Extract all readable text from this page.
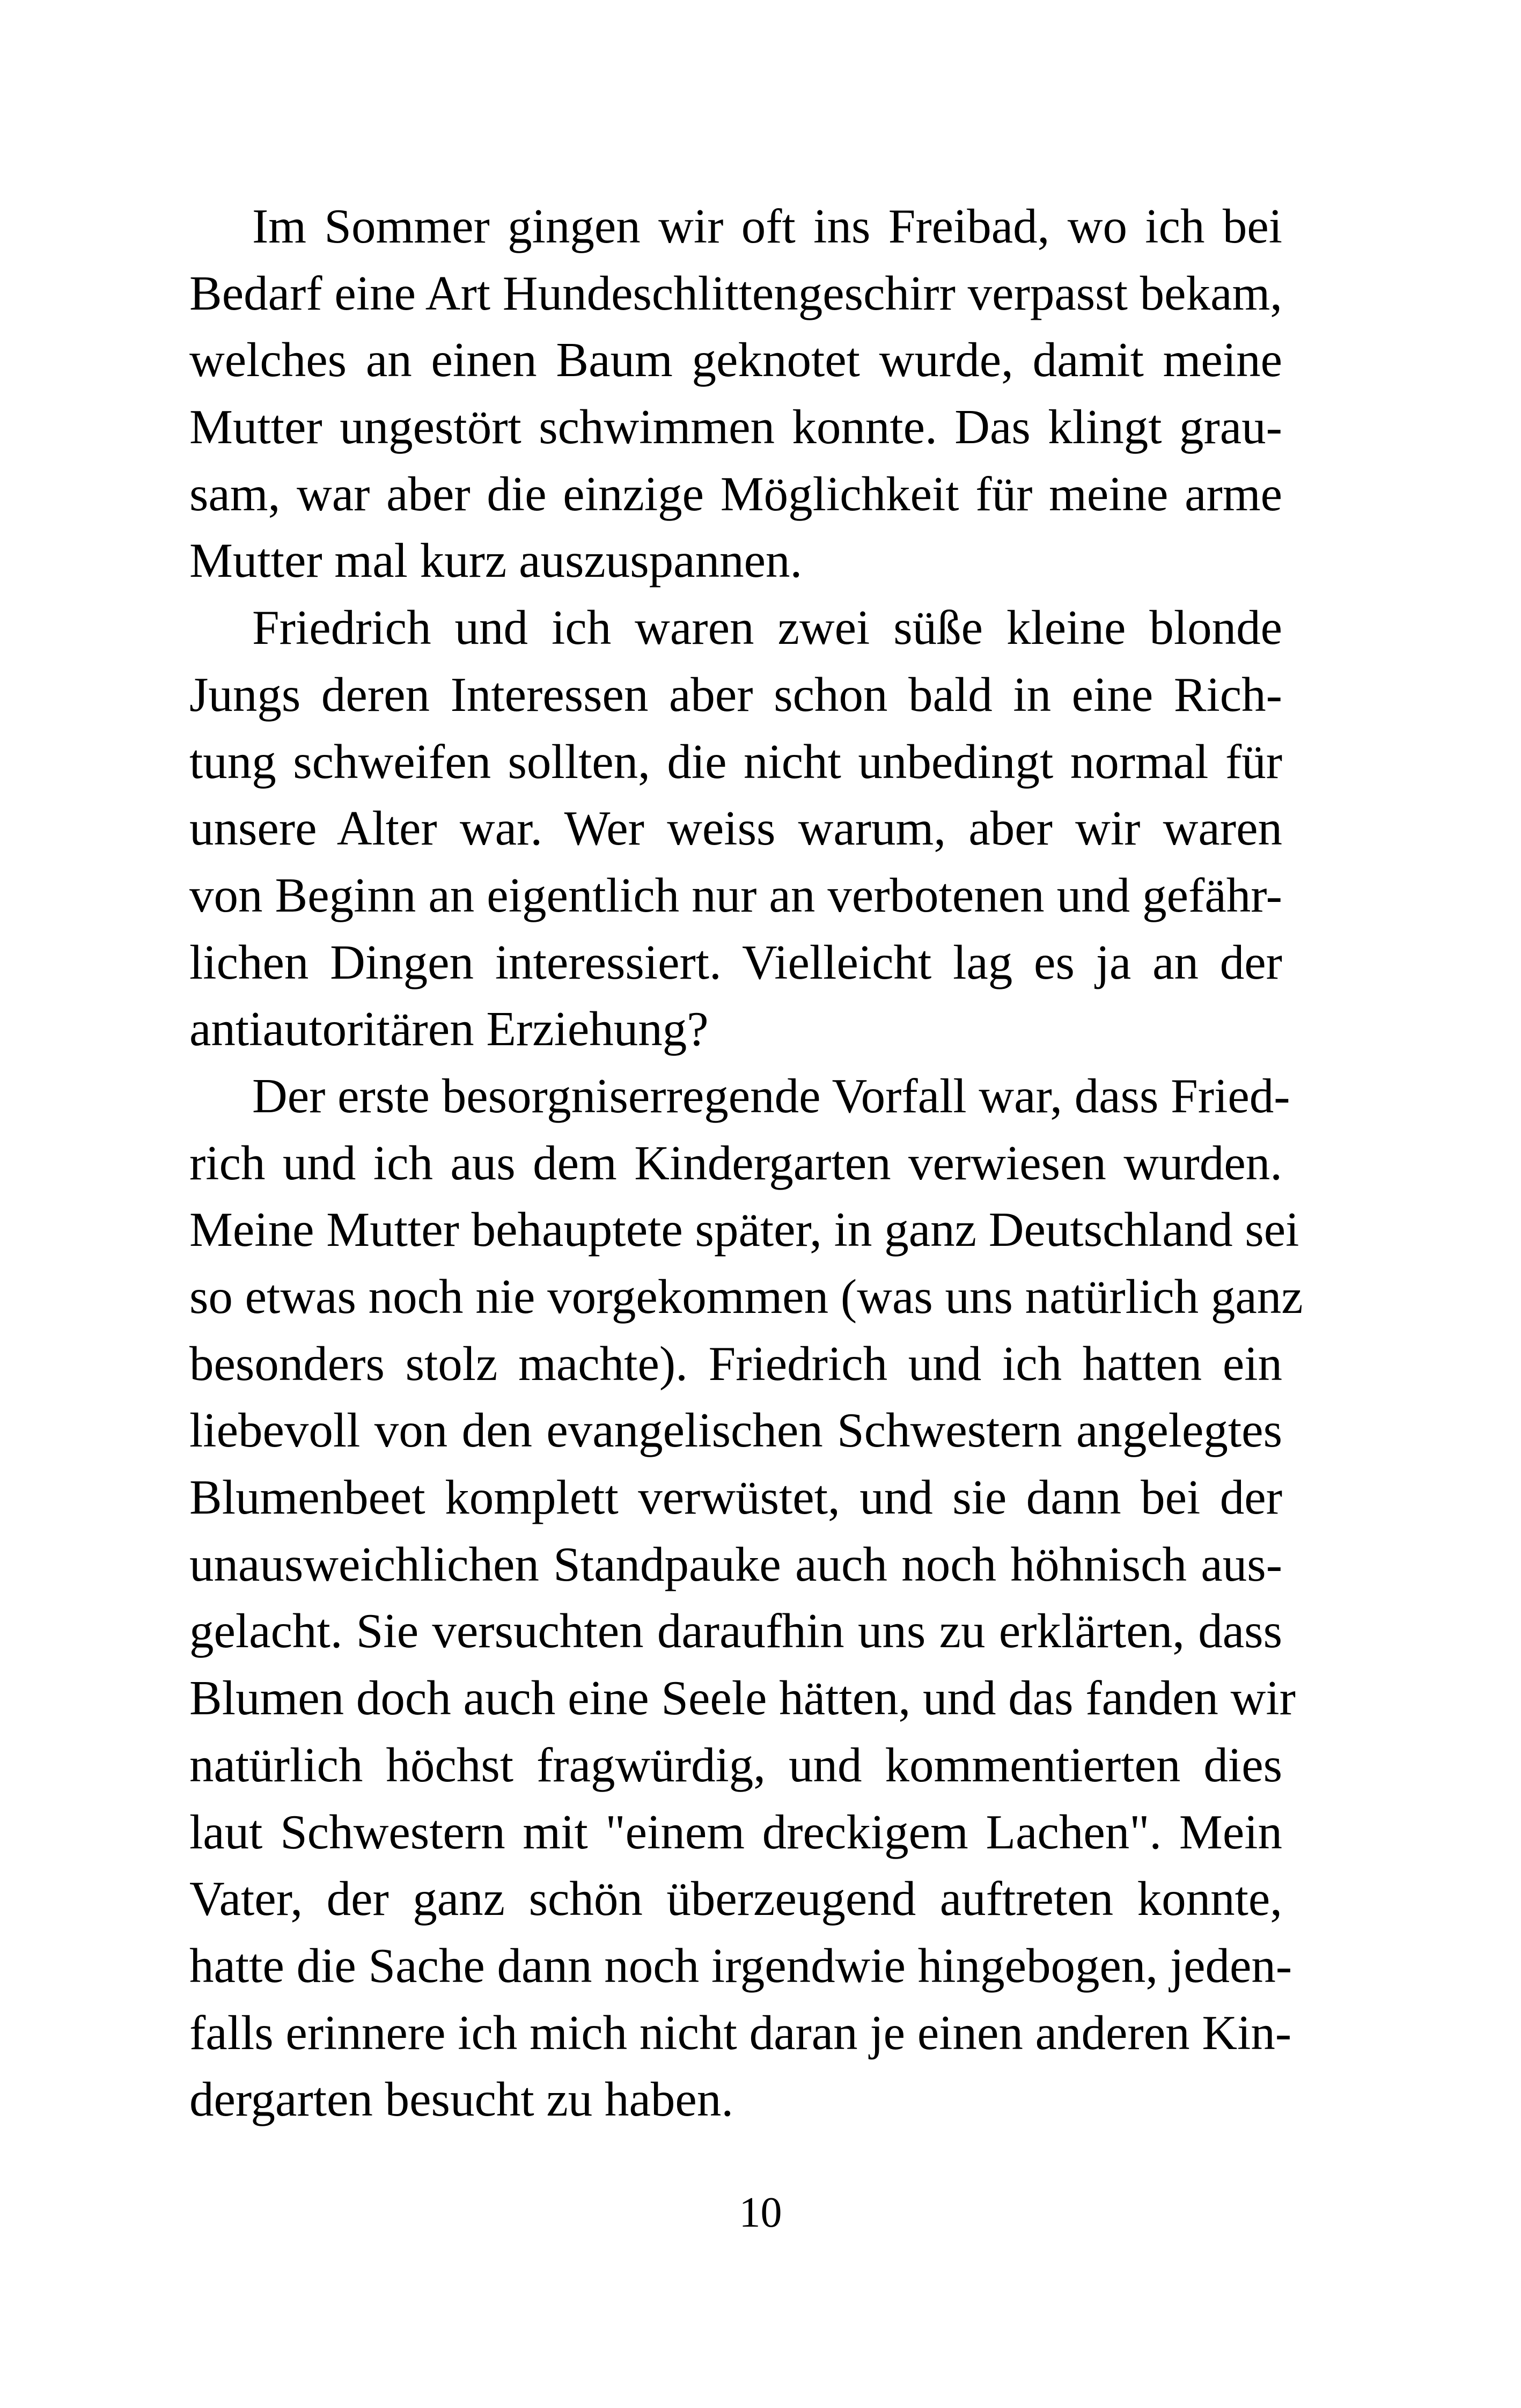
Im Sommer gingen wir oft ins Freibad, wo ich bei
Bedarf eine Art Hundeschlittengeschirr verpasst bekam,
welches an einen Baum geknotet wurde, damit meine
Mutter ungestört schwimmen konnte. Das klingt grau-
sam, war aber die einzige Möglichkeit für meine arme
Mutter mal kurz auszuspannen.
Friedrich und ich waren zwei süße kleine blonde
Jungs deren Interessen aber schon bald in eine Rich-
tung schweifen sollten, die nicht unbedingt normal für
unsere Alter war. Wer weiss warum, aber wir waren
von Beginn an eigentlich nur an verbotenen und gefähr-
lichen Dingen interessiert. Vielleicht lag es ja an der
antiautoritären Erziehung?
Der erste besorgniserregende Vorfall war, dass Fried-
rich und ich aus dem Kindergarten verwiesen wurden.
Meine Mutter behauptete später, in ganz Deutschland sei
so etwas noch nie vorgekommen (was uns natürlich ganz
besonders stolz machte). Friedrich und ich hatten ein
liebevoll von den evangelischen Schwestern angelegtes
Blumenbeet komplett verwüstet, und sie dann bei der
unausweichlichen Standpauke auch noch höhnisch aus-
gelacht. Sie versuchten daraufhin uns zu erklärten, dass
Blumen doch auch eine Seele hätten, und das fanden wir
natürlich höchst fragwürdig, und kommentierten dies
laut Schwestern mit "einem dreckigem Lachen". Mein
Vater, der ganz schön überzeugend auftreten konnte,
hatte die Sache dann noch irgendwie hingebogen, jeden-
falls erinnere ich mich nicht daran je einen anderen Kin-
dergarten besucht zu haben.
10
